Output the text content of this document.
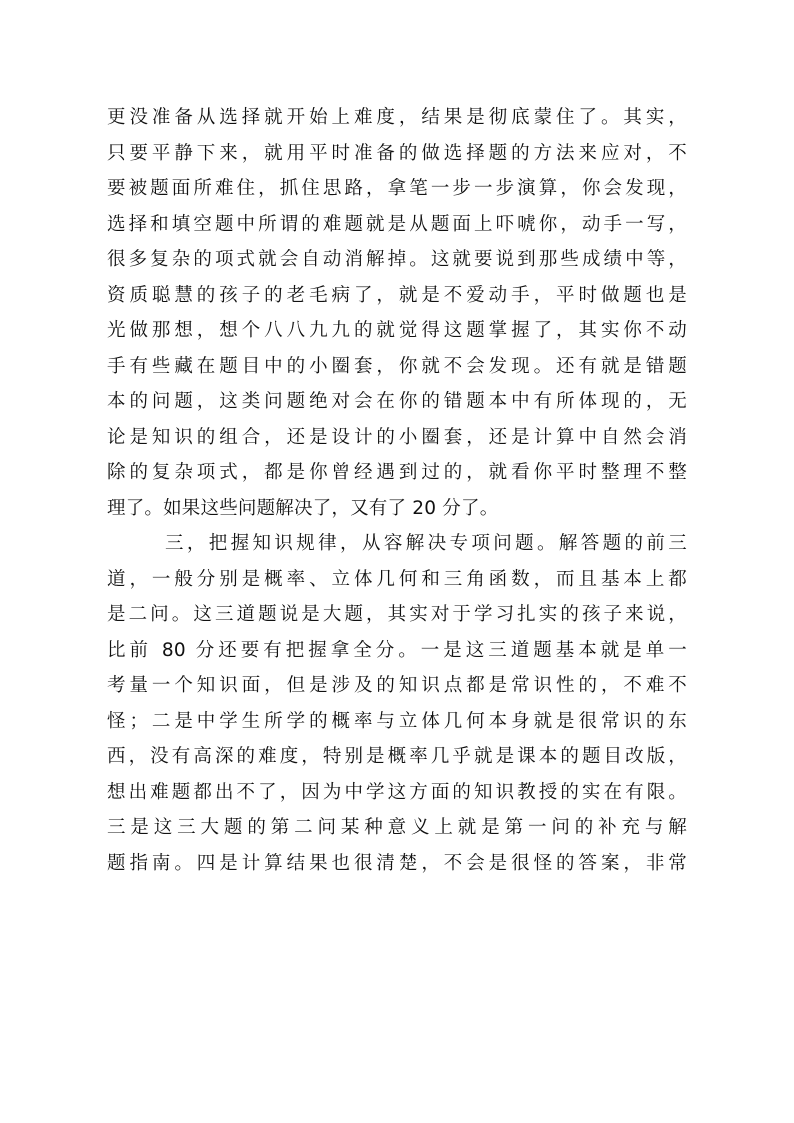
更没准备从选择就开始上难度，结果是彻底蒙住了。其实，
只要平静下来，就用平时准备的做选择题的方法来应对，不
要被题面所难住，抓住思路，拿笔一步一步演算，你会发现，
选择和填空题中所谓的难题就是从题面上吓唬你，动手一写，
很多复杂的项式就会自动消解掉。这就要说到那些成绩中等，
资质聪慧的孩子的老毛病了，就是不爱动手，平时做题也是
光做那想，想个八八九九的就觉得这题掌握了，其实你不动
手有些藏在题目中的小圈套，你就不会发现。还有就是错题
本的问题，这类问题绝对会在你的错题本中有所体现的，无
论是知识的组合，还是设计的小圈套，还是计算中自然会消
除的复杂项式，都是你曾经遇到过的，就看你平时整理不整
理了。如果这些问题解决了，又有了 20 分了。
三，把握知识规律，从容解决专项问题。解答题的前三
道，一般分别是概率、立体几何和三角函数，而且基本上都
是二问。这三道题说是大题，其实对于学习扎实的孩子来说，
比前 80 分还要有把握拿全分。一是这三道题基本就是单一
考量一个知识面，但是涉及的知识点都是常识性的，不难不
怪；二是中学生所学的概率与立体几何本身就是很常识的东
西，没有高深的难度，特别是概率几乎就是课本的题目改版，
想出难题都出不了，因为中学这方面的知识教授的实在有限。
三是这三大题的第二问某种意义上就是第一问的补充与解
题指南。四是计算结果也很清楚，不会是很怪的答案，非常
